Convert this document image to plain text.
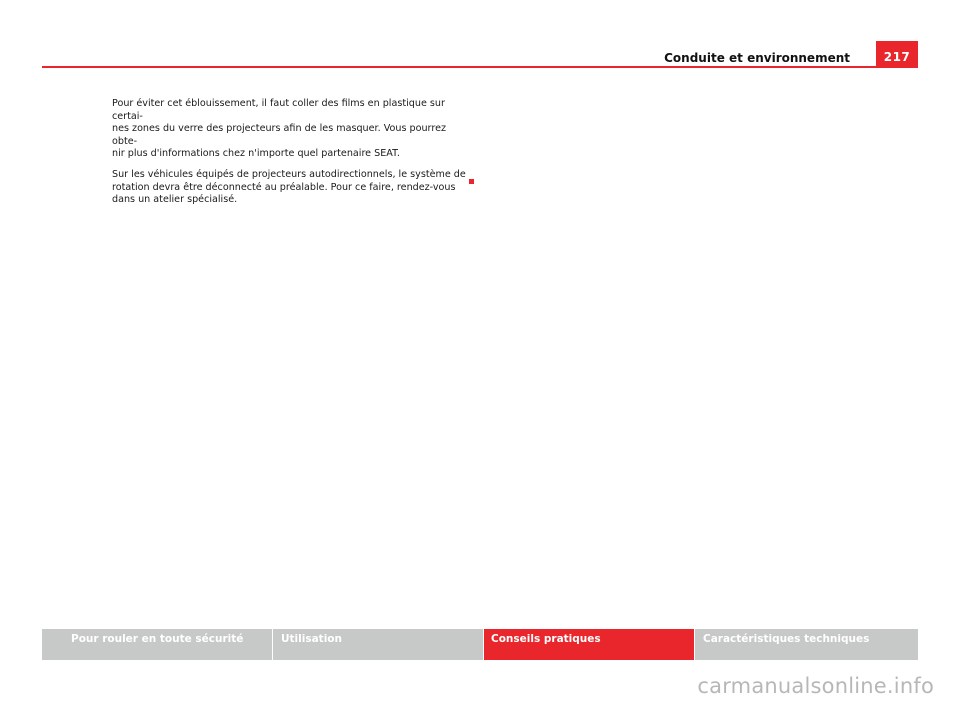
Conduite et environnement	217

Pour éviter cet éblouissement, il faut coller des films en plastique sur certai-
nes zones du verre des projecteurs afin de les masquer. Vous pourrez obte-
nir plus d'informations chez n'importe quel partenaire SEAT.

Sur les véhicules équipés de projecteurs autodirectionnels, le système de
rotation devra être déconnecté au préalable. Pour ce faire, rendez-vous
dans un atelier spécialisé.

Pour rouler en toute sécurité	Utilisation	Conseils pratiques	Caractéristiques techniques
carmanualsonline.info
